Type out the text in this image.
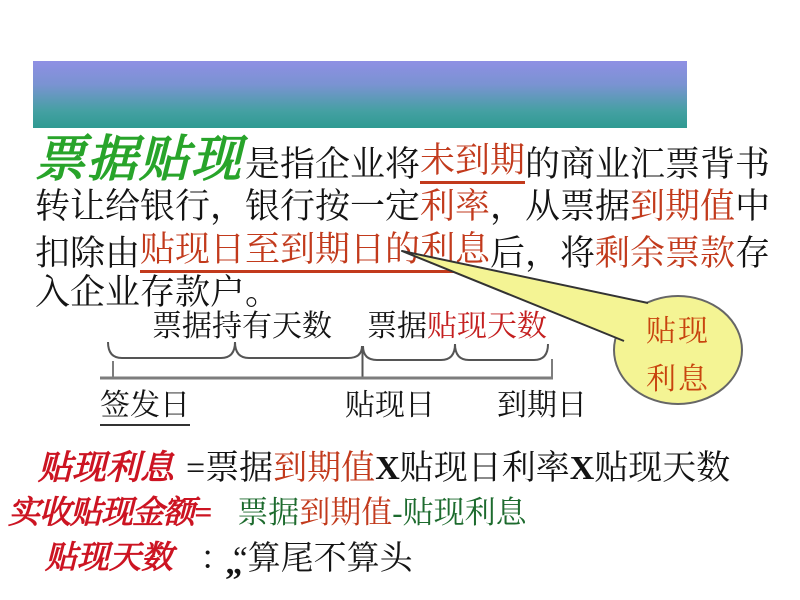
票据贴现 是指企业将 未到期 的商业汇票背书
转让给银行，银行按一定 利率 ，从票据 到期值 中
扣除由 贴现日至到期日的利息 后，将 剩余票款 存
入企业存款户。
票据持有天数 票据贴现天数
签发日	贴现日 到期日
贴现
利息
贴现利息 = 票据 到期值 X 贴现日利率 X 贴现天数
实收贴现金额= 票据 到期值 -贴现利息
贴现天数 ： “算尾不算头
”
